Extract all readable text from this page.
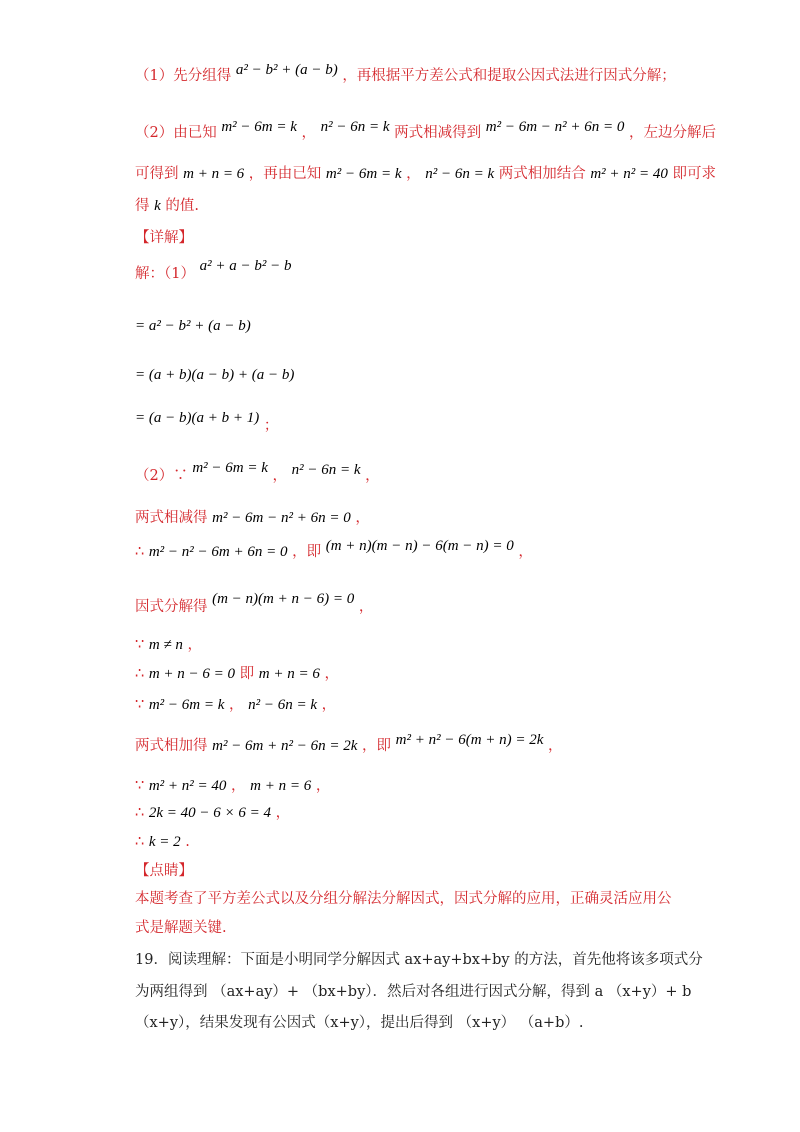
（1）先分组得 a² − b² + (a − b) ，再根据平方差公式和提取公因式法进行因式分解；
（2）由已知 m² − 6m = k ， n² − 6n = k 两式相减得到 m² − 6m − n² + 6n = 0 ，左边分解后
可得到 m + n = 6 ，再由已知 m² − 6m = k ， n² − 6n = k 两式相加结合 m² + n² = 40 即可求
得 k 的值.
【详解】
解：（1） a² + a − b² − b
= a² − b² + (a − b)
= (a + b)(a − b) + (a − b)
= (a − b)(a + b + 1) ；
（2）∵ m² − 6m = k ， n² − 6n = k ，
两式相减得 m² − 6m − n² + 6n = 0 ，
∴ m² − n² − 6m + 6n = 0 ，即 (m + n)(m − n) − 6(m − n) = 0 ，
因式分解得 (m − n)(m + n − 6) = 0 ，
∵ m ≠ n ，
∴ m + n − 6 = 0 即 m + n = 6 ，
∵ m² − 6m = k ， n² − 6n = k ，
两式相加得 m² − 6m + n² − 6n = 2k ，即 m² + n² − 6(m + n) = 2k ，
∵ m² + n² = 40 ， m + n = 6 ，
∴ 2k = 40 − 6 × 6 = 4 ，
∴ k = 2 .
【点睛】
本题考查了平方差公式以及分组分解法分解因式，因式分解的应用，正确灵活应用公
式是解题关键.
19．阅读理解：下面是小明同学分解因式 ax+ay+bx+by 的方法，首先他将该多项式分
为两组得到 （ax+ay）+ （bx+by）．然后对各组进行因式分解，得到 a （x+y）+ b
（x+y），结果发现有公因式（x+y），提出后得到 （x+y） （a+b）.
